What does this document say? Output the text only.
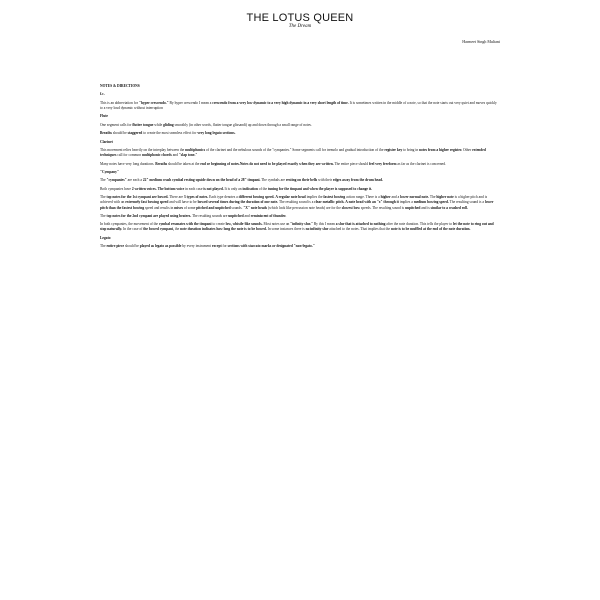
THE LOTUS QUEEN
The Dream
Harmeet Singh Multani
NOTES & DIRECTIONS
f.c.

This is an abbreviation for "hyper crescendo." By hyper crescendo I mean a crescendo from a very low dynamic to a very high dynamic in a very short length of time. It is sometimes written in the middle of a note, so that the note starts out very quiet and moves quickly to a very loud dynamic without interruption

Flute

One segment calls for flutter tongue while gliding smoothly (in other words, flutter tongue glissandi) up and down through a small range of notes.

Breaths should be staggered to create the most seamless effect for very long legato sections.

Clarinet

This movement relies heavily on the interplay between the multiphonics of the clarinet and the nebulous sounds of the "cympanies." Some segments call for tremolo and gradual introduction of the register key to bring in notes from a higher register. Other extended techniques call for common multiphonic chords and "slap tone."

Many notes have very long durations. Breaths should be taken at the end or beginning of notes.Notes do not need to be played exactly when they are written. The entire piece should feel very freeform as far as the clarinet is concerned.

"Cympany"

The "cympanies" are each a 22" medium crash cymbal resting upside down on the head of a 28" timpani. The cymbals are resting on their bells with their edges away from the drum head.

Both cympanies have 2 written voices. The bottom voice in each case is not played. It is only an indication of the tuning for the timpani and when the player is supposed to change it.

The top notes for the 1st cympani are bowed. There are 3 types of notes. Each type denotes a different bowing speed. A regular note head implies the fastest bowing action range. There is a higher and a lower normal note. The higher note is a higher pitch and is achieved with an extremely fast bowing speed and will have to be bowed several times during the duration of one note. The resulting sound is a clear metallic pitch. A note head with an "x" through it implies a medium bowing speed. The resulting sound is a lower pitch than the fastest bowing speed and results in mixes of some pitched and unpitched sounds. "X" note heads (which look like percussion note heads) are for the slowest bow speeds. The resulting sound is unpitched and is similar to a crashed roll.

The top notes for the 2nd cympani are played using beaters. The resulting sounds are unpitched and reminiscent of thunder.

In both cympanies, the movement of the cymbal resonates with the timpani to create low, whistle-like sounds. Most notes use an "infinity slur." By this I mean a slur that is attached to nothing after the note duration. This tells the player to let the note to ring out and stop naturally. In the case of the bowed cympani, the note duration indicates how long the note is to be bowed. In some instances there is no infinity slur attached to the notes. That implies that the note is to be muffled at the end of the note duration.

Legato

The entire piece should be played as legato as possible by every instrument except for sections with staccato marks or designated "non-legato."
